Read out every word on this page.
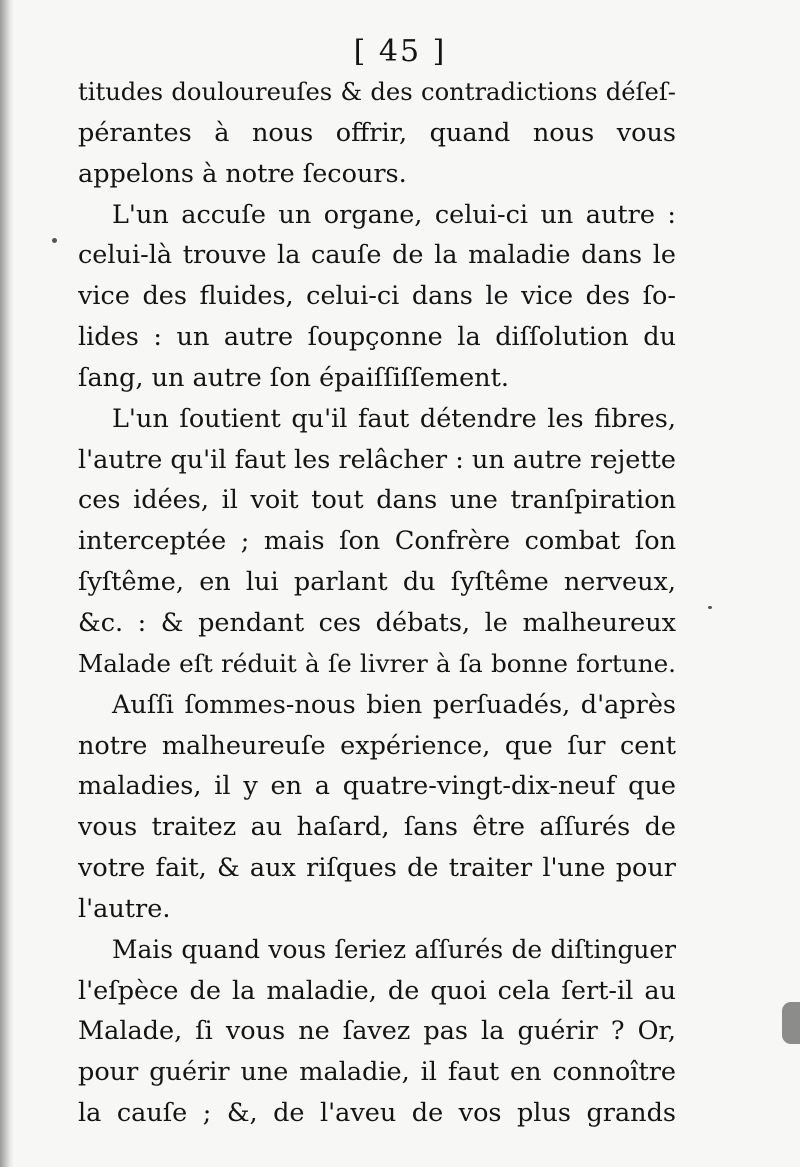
[ 45 ]
titudes douloureuſes & des contradictions déſeſ-
pérantes à nous offrir, quand nous vous
appelons à notre ſecours.
L'un accuſe un organe, celui-ci un autre :
celui-là trouve la cauſe de la maladie dans le
vice des fluides, celui-ci dans le vice des ſo-
lides : un autre ſoupçonne la diſſolution du
ſang, un autre ſon épaiſſiſſement.
L'un ſoutient qu'il faut détendre les fibres,
l'autre qu'il faut les relâcher : un autre rejette
ces idées, il voit tout dans une tranſpiration
interceptée ; mais ſon Confrère combat ſon
ſyſtême, en lui parlant du ſyſtême nerveux,
&c. : & pendant ces débats, le malheureux
Malade eſt réduit à ſe livrer à ſa bonne fortune.
Auſſi ſommes-nous bien perſuadés, d'après
notre malheureuſe expérience, que ſur cent
maladies, il y en a quatre-vingt-dix-neuf que
vous traitez au haſard, ſans être aſſurés de
votre fait, & aux riſques de traiter l'une pour
l'autre.
Mais quand vous ſeriez aſſurés de diſtinguer
l'eſpèce de la maladie, de quoi cela ſert-il au
Malade, ſi vous ne ſavez pas la guérir ? Or,
pour guérir une maladie, il faut en connoître
la cauſe ; &, de l'aveu de vos plus grands
